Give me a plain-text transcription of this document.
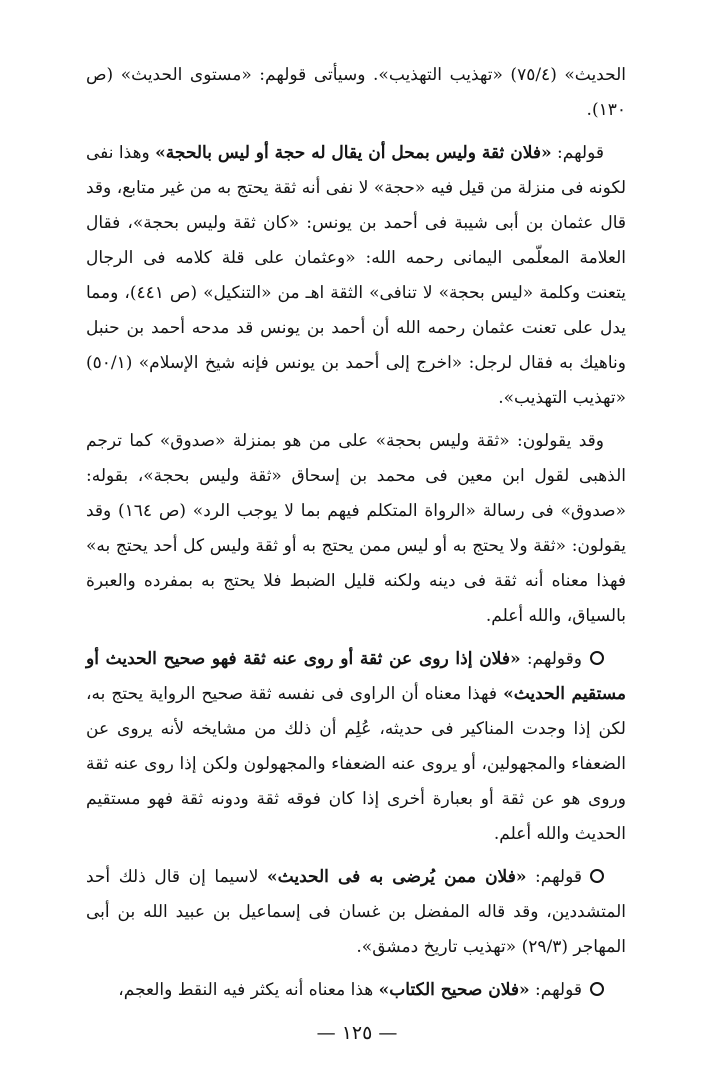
الحديث» (٧٥/٤) «تهذيب التهذيب». وسيأتى قولهم: «مستوى الحديث» (ص ١٣٠).

قولهم: «فلان ثقة وليس بمحل أن يقال له حجة أو ليس بالحجة» وهذا نفى لكونه فى منزلة من قيل فيه «حجة» لا نفى أنه ثقة يحتج به من غير متابع، وقد قال عثمان بن أبى شيبة فى أحمد بن يونس: «كان ثقة وليس بحجة»، فقال العلامة المعلّمى اليمانى رحمه الله: «وعثمان على قلة كلامه فى الرجال يتعنت وكلمة «ليس بحجة» لا تنافى» الثقة اهـ من «التنكيل» (ص ٤٤١)، ومما يدل على تعنت عثمان رحمه الله أن أحمد بن يونس قد مدحه أحمد بن حنبل وناهيك به فقال لرجل: «اخرج إلى أحمد بن يونس فإنه شيخ الإسلام» (٥٠/١) «تهذيب التهذيب».

وقد يقولون: «ثقة وليس بحجة» على من هو بمنزلة «صدوق» كما ترجم الذهبى لقول ابن معين فى محمد بن إسحاق «ثقة وليس بحجة»، بقوله: «صدوق» فى رسالة «الرواة المتكلم فيهم بما لا يوجب الرد» (ص ١٦٤) وقد يقولون: «ثقة ولا يحتج به أو ليس ممن يحتج به أو ثقة وليس كل أحد يحتج به» فهذا معناه أنه ثقة فى دينه ولكنه قليل الضبط فلا يحتج به بمفرده والعبرة بالسياق، والله أعلم.

وقولهم: «فلان إذا روى عن ثقة أو روى عنه ثقة فهو صحيح الحديث أو مستقيم الحديث» فهذا معناه أن الراوى فى نفسه ثقة صحيح الرواية يحتج به، لكن إذا وجدت المناكير فى حديثه، عُلِم أن ذلك من مشايخه لأنه يروى عن الضعفاء والمجهولين، أو يروى عنه الضعفاء والمجهولون ولكن إذا روى عنه ثقة وروى هو عن ثقة أو بعبارة أخرى إذا كان فوقه ثقة ودونه ثقة فهو مستقيم الحديث والله أعلم.

قولهم: «فلان ممن يُرضى به فى الحديث» لاسيما إن قال ذلك أحد المتشددين، وقد قاله المفضل بن غسان فى إسماعيل بن عبيد الله بن أبى المهاجر (٢٩/٣) «تهذيب تاريخ دمشق».

قولهم: «فلان صحيح الكتاب» هذا معناه أنه يكثر فيه النقط والعجم،

— ١٢٥ —
